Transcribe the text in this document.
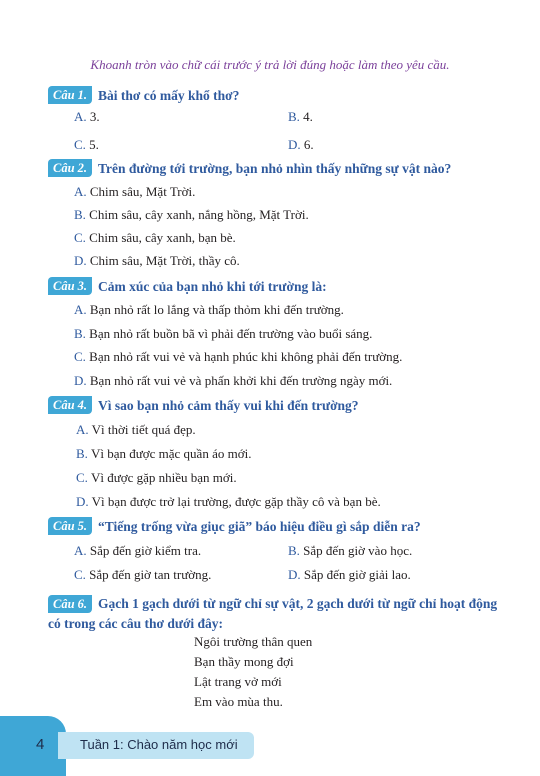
Khoanh tròn vào chữ cái trước ý trả lời đúng hoặc làm theo yêu cầu.
Câu 1. Bài thơ có mấy khổ thơ?
A. 3.	B. 4.
C. 5.	D. 6.
Câu 2. Trên đường tới trường, bạn nhỏ nhìn thấy những sự vật nào?
A. Chim sâu, Mặt Trời.
B. Chim sâu, cây xanh, nắng hồng, Mặt Trời.
C. Chim sâu, cây xanh, bạn bè.
D. Chim sâu, Mặt Trời, thầy cô.
Câu 3. Cảm xúc của bạn nhỏ khi tới trường là:
A. Bạn nhỏ rất lo lắng và thấp thỏm khi đến trường.
B. Bạn nhỏ rất buồn bã vì phải đến trường vào buổi sáng.
C. Bạn nhỏ rất vui vẻ và hạnh phúc khi không phải đến trường.
D. Bạn nhỏ rất vui vẻ và phấn khởi khi đến trường ngày mới.
Câu 4. Vì sao bạn nhỏ cảm thấy vui khi đến trường?
A. Vì thời tiết quá đẹp.
B. Vì bạn được mặc quần áo mới.
C. Vì được gặp nhiều bạn mới.
D. Vì bạn được trở lại trường, được gặp thầy cô và bạn bè.
Câu 5. “Tiếng trống vừa giục giã” báo hiệu điều gì sắp diễn ra?
A. Sắp đến giờ kiểm tra.	B. Sắp đến giờ vào học.
C. Sắp đến giờ tan trường.	D. Sắp đến giờ giải lao.
Câu 6. Gạch 1 gạch dưới từ ngữ chỉ sự vật, 2 gạch dưới từ ngữ chỉ hoạt động có trong các câu thơ dưới đây:
Ngôi trường thân quen
Bạn thầy mong đợi
Lật trang vở mới
Em vào mùa thu.
4	Tuần 1: Chào năm học mới
